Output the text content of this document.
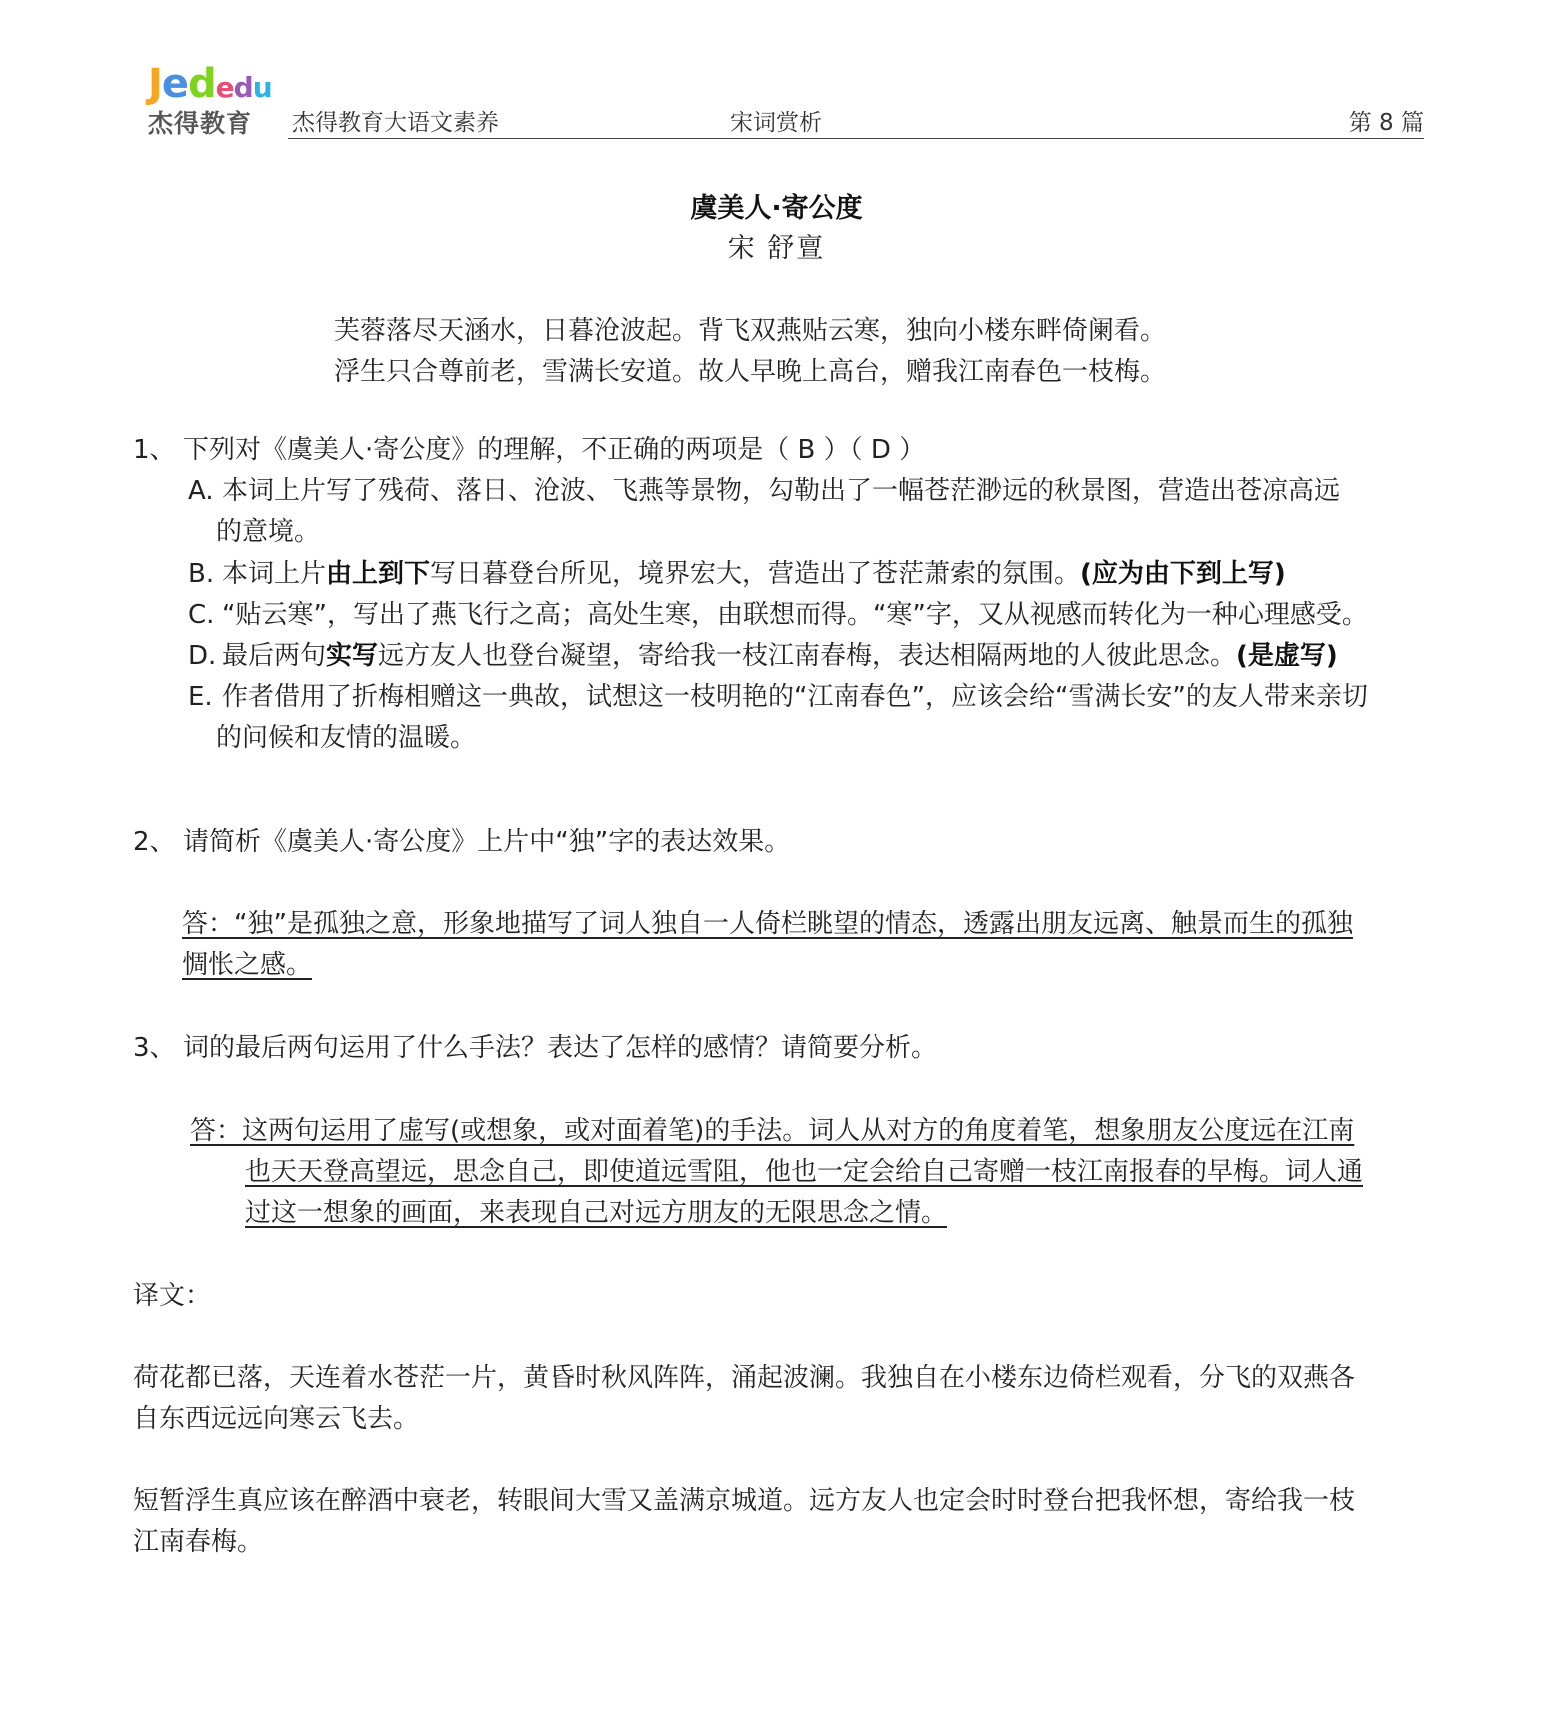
Jededu
杰得教育	杰得教育大语文素养	宋词赏析	第 8 篇
虞美人·寄公度
宋 舒亶
芙蓉落尽天涵水，日暮沧波起。背飞双燕贴云寒，独向小楼东畔倚阑看。
浮生只合尊前老，雪满长安道。故人早晚上高台，赠我江南春色一枝梅。
1、 下列对《虞美人·寄公度》的理解，不正确的两项是（ B ）（ D ）
A. 本词上片写了残荷、落日、沧波、飞燕等景物，勾勒出了一幅苍茫渺远的秋景图，营造出苍凉高远
的意境。
B. 本词上片由上到下写日暮登台所见，境界宏大，营造出了苍茫萧索的氛围。(应为由下到上写)
C. “贴云寒”，写出了燕飞行之高；高处生寒，由联想而得。“寒”字，又从视感而转化为一种心理感受。
D. 最后两句实写远方友人也登台凝望，寄给我一枝江南春梅，表达相隔两地的人彼此思念。(是虚写)
E. 作者借用了折梅相赠这一典故，试想这一枝明艳的“江南春色”，应该会给“雪满长安”的友人带来亲切
的问候和友情的温暖。
2、 请简析《虞美人·寄公度》上片中“独”字的表达效果。
答：“独”是孤独之意，形象地描写了词人独自一人倚栏眺望的情态，透露出朋友远离、触景而生的孤独
惆怅之感。
3、 词的最后两句运用了什么手法？表达了怎样的感情？请简要分析。
答：这两句运用了虚写(或想象，或对面着笔)的手法。词人从对方的角度着笔，想象朋友公度远在江南
也天天登高望远，思念自己，即使道远雪阻，他也一定会给自己寄赠一枝江南报春的早梅。词人通
过这一想象的画面，来表现自己对远方朋友的无限思念之情。
译文：
荷花都已落，天连着水苍茫一片，黄昏时秋风阵阵，涌起波澜。我独自在小楼东边倚栏观看，分飞的双燕各
自东西远远向寒云飞去。
短暂浮生真应该在醉酒中衰老，转眼间大雪又盖满京城道。远方友人也定会时时登台把我怀想，寄给我一枝
江南春梅。
